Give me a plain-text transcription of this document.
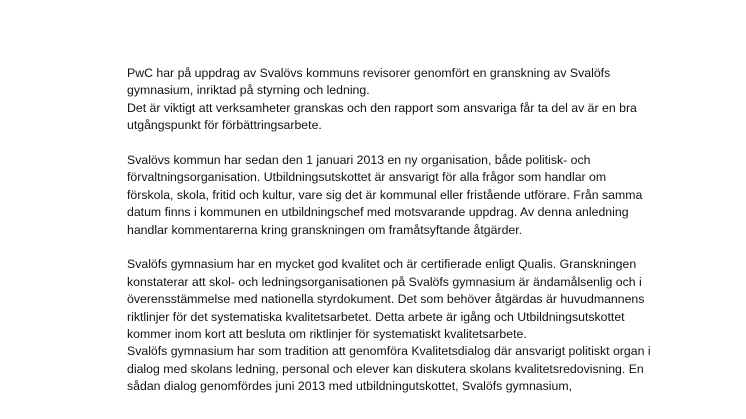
PwC har på uppdrag av Svalövs kommuns revisorer genomfört en granskning av Svalöfs
gymnasium, inriktad på styrning och ledning.
Det är viktigt att verksamheter granskas och den rapport som ansvariga får ta del av är en bra
utgångspunkt för förbättringsarbete.
Svalövs kommun har sedan den 1 januari 2013 en ny organisation, både politisk- och
förvaltningsorganisation. Utbildningsutskottet är ansvarigt för alla frågor som handlar om
förskola, skola, fritid och kultur, vare sig det är kommunal eller fristående utförare. Från samma
datum finns i kommunen en utbildningschef med motsvarande uppdrag. Av denna anledning
handlar kommentarerna kring granskningen om framåtsyftande åtgärder.
Svalöfs gymnasium har en mycket god kvalitet och är certifierade enligt Qualis. Granskningen
konstaterar att skol- och ledningsorganisationen på Svalöfs gymnasium är ändamålsenlig och i
överensstämmelse med nationella styrdokument. Det som behöver åtgärdas är huvudmannens
riktlinjer för det systematiska kvalitetsarbetet. Detta arbete är igång och Utbildningsutskottet
kommer inom kort att besluta om riktlinjer för systematiskt kvalitetsarbete.
Svalöfs gymnasium har som tradition att genomföra Kvalitetsdialog där ansvarigt politiskt organ i
dialog med skolans ledning, personal och elever kan diskutera skolans kvalitetsredovisning. En
sådan dialog genomfördes juni 2013 med utbildningutskottet, Svalöfs gymnasium,
